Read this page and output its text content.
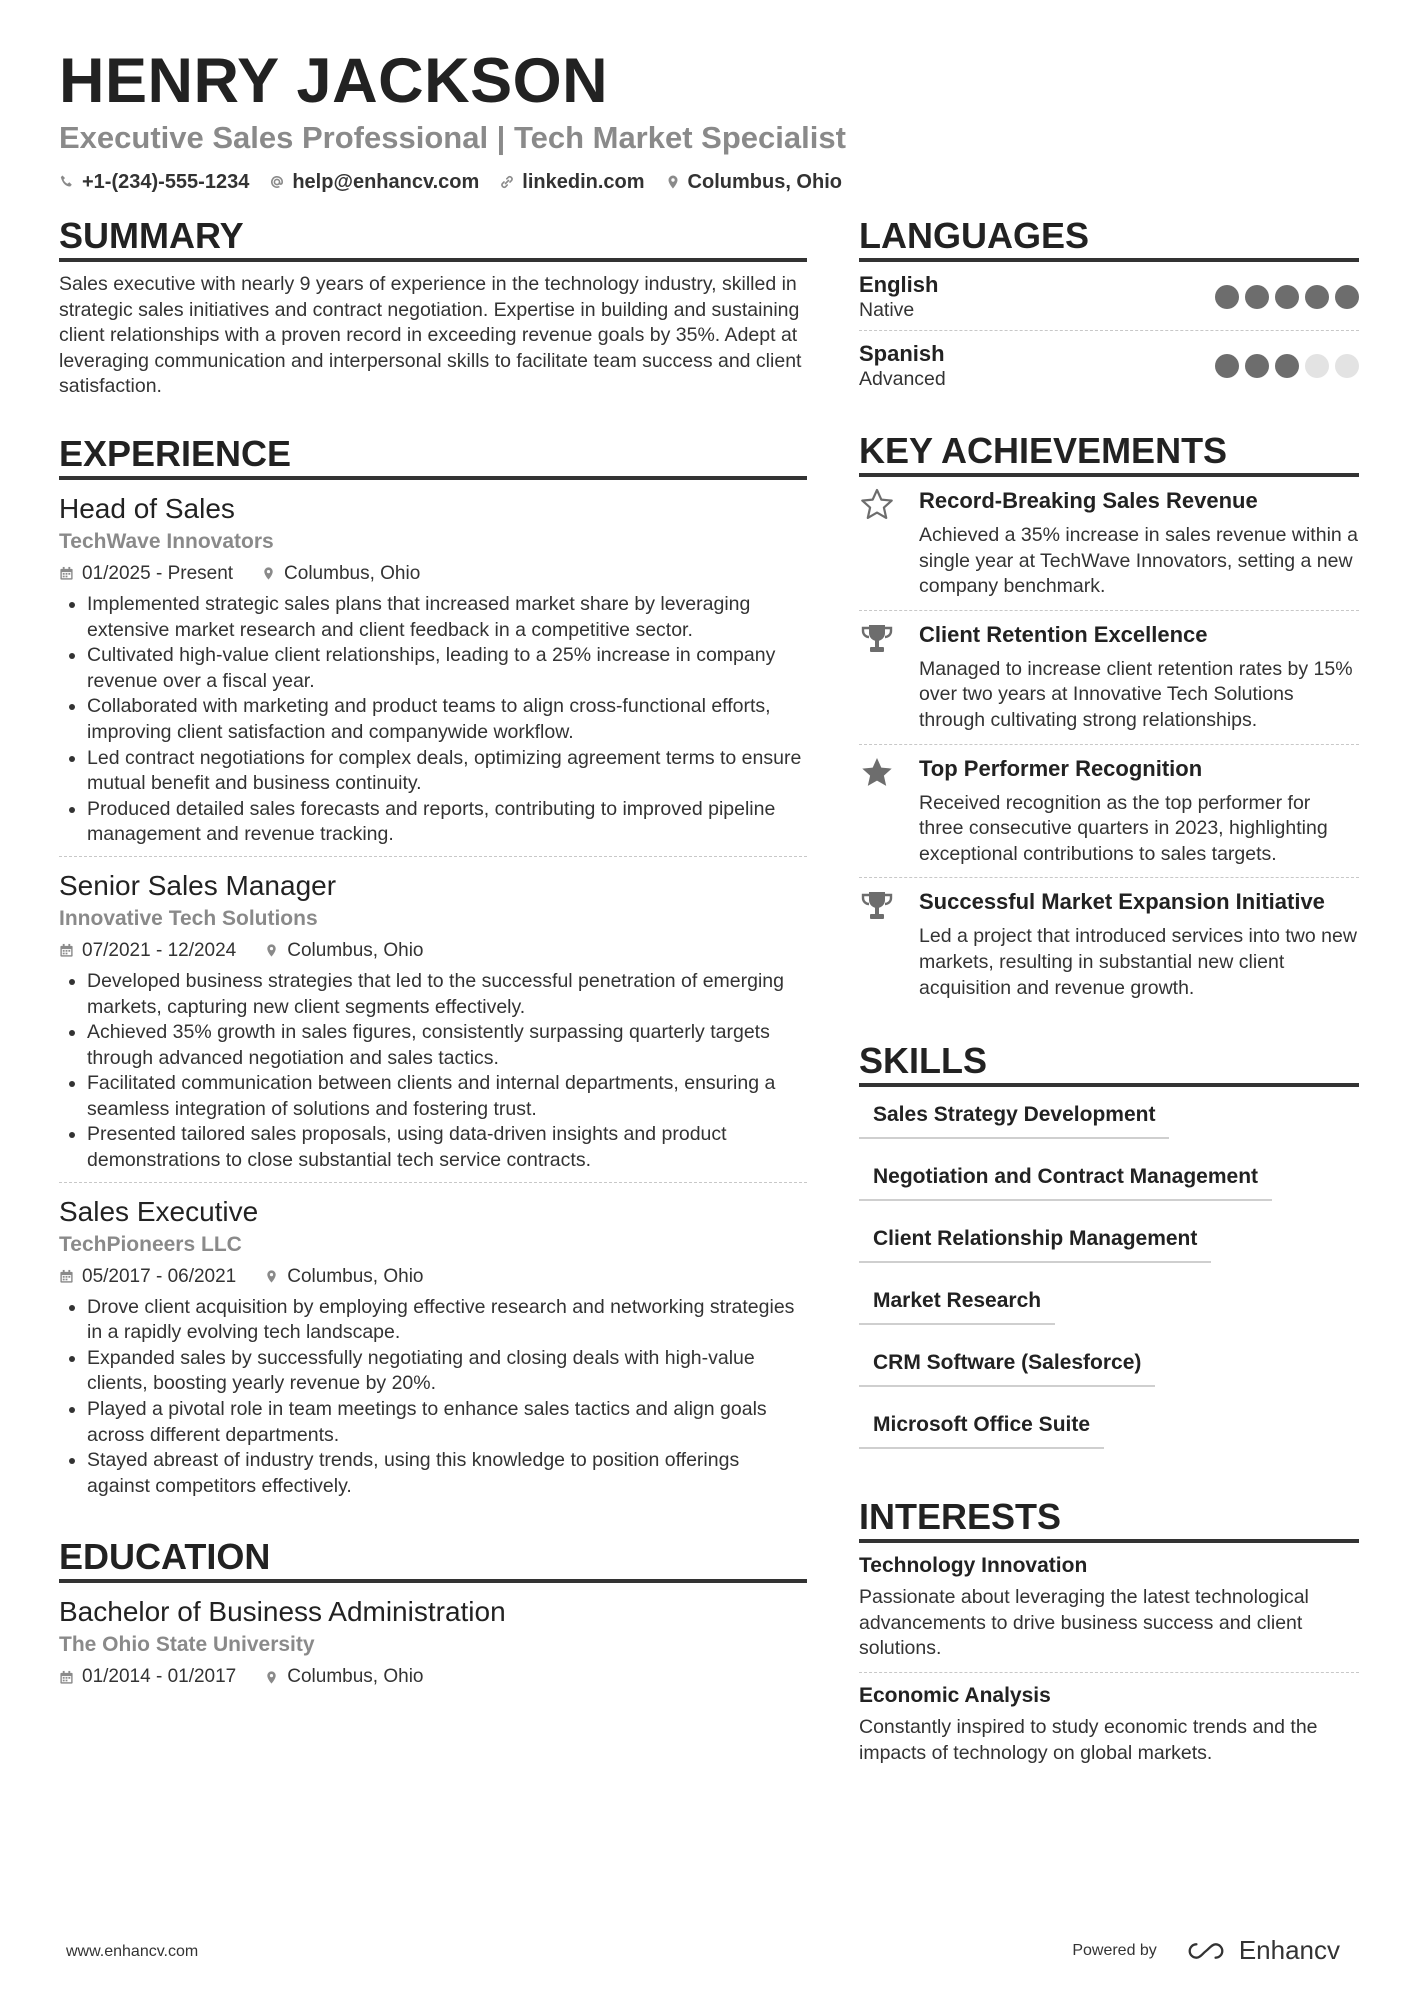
HENRY JACKSON
Executive Sales Professional | Tech Market Specialist
+1-(234)-555-1234 help@enhancv.com linkedin.com Columbus, Ohio
SUMMARY
Sales executive with nearly 9 years of experience in the technology industry, skilled in strategic sales initiatives and contract negotiation. Expertise in building and sustaining client relationships with a proven record in exceeding revenue goals by 35%. Adept at leveraging communication and interpersonal skills to facilitate team success and client satisfaction.
EXPERIENCE
Head of Sales
TechWave Innovators
01/2025 - Present	Columbus, Ohio
• Implemented strategic sales plans that increased market share by leveraging extensive market research and client feedback in a competitive sector.
• Cultivated high-value client relationships, leading to a 25% increase in company revenue over a fiscal year.
• Collaborated with marketing and product teams to align cross-functional efforts, improving client satisfaction and companywide workflow.
• Led contract negotiations for complex deals, optimizing agreement terms to ensure mutual benefit and business continuity.
• Produced detailed sales forecasts and reports, contributing to improved pipeline management and revenue tracking.
Senior Sales Manager
Innovative Tech Solutions
07/2021 - 12/2024	Columbus, Ohio
• Developed business strategies that led to the successful penetration of emerging markets, capturing new client segments effectively.
• Achieved 35% growth in sales figures, consistently surpassing quarterly targets through advanced negotiation and sales tactics.
• Facilitated communication between clients and internal departments, ensuring a seamless integration of solutions and fostering trust.
• Presented tailored sales proposals, using data-driven insights and product demonstrations to close substantial tech service contracts.
Sales Executive
TechPioneers LLC
05/2017 - 06/2021	Columbus, Ohio
• Drove client acquisition by employing effective research and networking strategies in a rapidly evolving tech landscape.
• Expanded sales by successfully negotiating and closing deals with high-value clients, boosting yearly revenue by 20%.
• Played a pivotal role in team meetings to enhance sales tactics and align goals across different departments.
• Stayed abreast of industry trends, using this knowledge to position offerings against competitors effectively.
EDUCATION
Bachelor of Business Administration
The Ohio State University
01/2014 - 01/2017	Columbus, Ohio
LANGUAGES
English
Native
Spanish
Advanced
KEY ACHIEVEMENTS
Record-Breaking Sales Revenue
Achieved a 35% increase in sales revenue within a single year at TechWave Innovators, setting a new company benchmark.
Client Retention Excellence
Managed to increase client retention rates by 15% over two years at Innovative Tech Solutions through cultivating strong relationships.
Top Performer Recognition
Received recognition as the top performer for three consecutive quarters in 2023, highlighting exceptional contributions to sales targets.
Successful Market Expansion Initiative
Led a project that introduced services into two new markets, resulting in substantial new client acquisition and revenue growth.
SKILLS
Sales Strategy Development
Negotiation and Contract Management
Client Relationship Management
Market Research
CRM Software (Salesforce)
Microsoft Office Suite
INTERESTS
Technology Innovation
Passionate about leveraging the latest technological advancements to drive business success and client solutions.
Economic Analysis
Constantly inspired to study economic trends and the impacts of technology on global markets.
www.enhancv.com	Powered by	Enhancv
